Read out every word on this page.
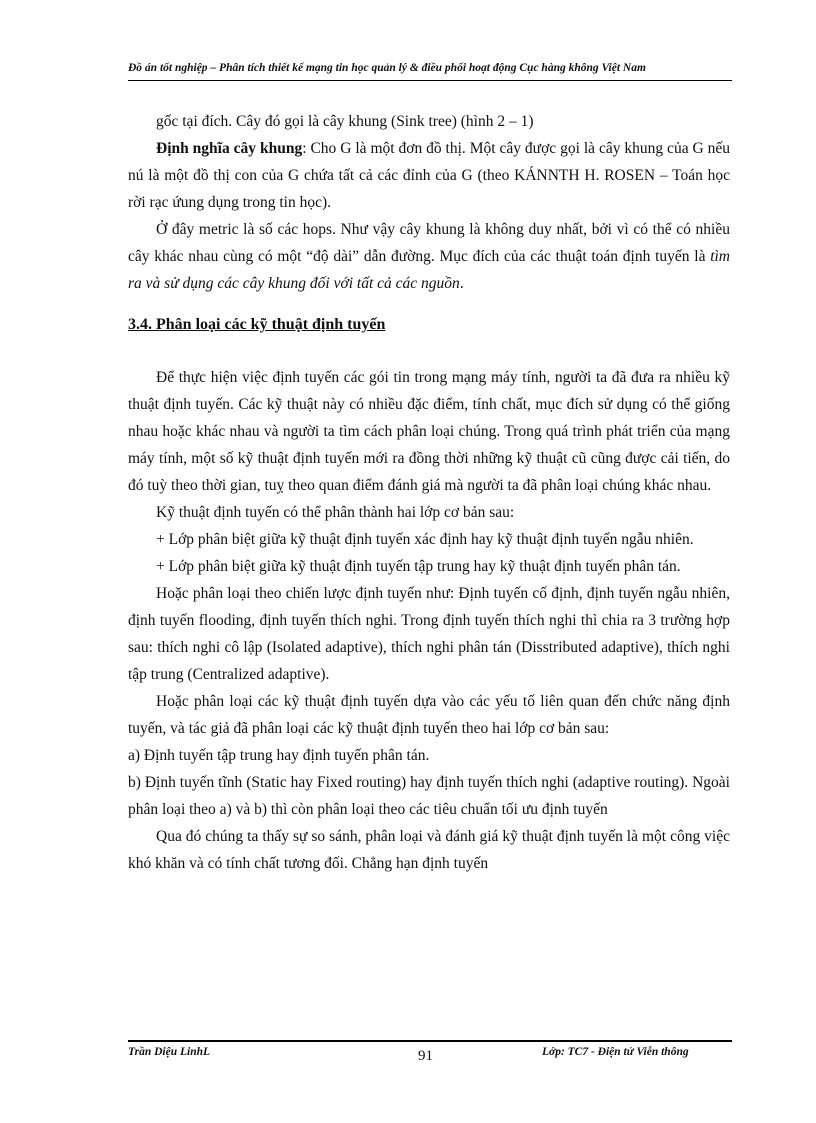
Đồ án tốt nghiệp – Phân tích thiết kế mạng tin học quản lý & điều phối hoạt động Cục hàng không Việt Nam

gốc tại đích. Cây đó gọi là cây khung (Sink tree) (hình 2 – 1)

Định nghĩa cây khung: Cho G là một đơn đồ thị. Một cây được gọi là cây khung của G nếu nú là một đồ thị con của G chứa tất cả các đỉnh của G (theo KÁNNTH H. ROSEN – Toán học rời rạc ứung dụng trong tin học).

Ở đây metric là số các hops. Như vậy cây khung là không duy nhất, bởi vì có thể có nhiều cây khác nhau cùng có một “độ dài” dẫn đường. Mục đích của các thuật toán định tuyến là tìm ra và sử dụng các cây khung đối với tất cả các nguồn.

3.4. Phân loại các kỹ thuật định tuyến

Để thực hiện việc định tuyến các gói tin trong mạng máy tính, người ta đã đưa ra nhiều kỹ thuật định tuyến. Các kỹ thuật này có nhiều đặc điểm, tính chất, mục đích sử dụng có thể giống nhau hoặc khác nhau và người ta tìm cách phân loại chúng. Trong quá trình phát triển của mạng máy tính, một số kỹ thuật định tuyến mới ra đồng thời những kỹ thuật cũ cũng được cải tiến, do đó tuỳ theo thời gian, tuỵ theo quan điểm đánh giá mà người ta đã phân loại chúng khác nhau.

Kỹ thuật định tuyến có thể phân thành hai lớp cơ bản sau:

+ Lớp phân biệt giữa kỹ thuật định tuyến xác định hay kỹ thuật định tuyến ngẫu nhiên.

+ Lớp phân biệt giữa kỹ thuật định tuyến tập trung hay kỹ thuật định tuyến phân tán.

Hoặc phân loại theo chiến lược định tuyến như: Định tuyến cố định, định tuyến ngẫu nhiên, định tuyến flooding, định tuyến thích nghi. Trong định tuyến thích nghi thì chia ra 3 trường hợp sau: thích nghi cô lập (Isolated adaptive), thích nghi phân tán (Disstributed adaptive), thích nghi tập trung (Centralized adaptive).

Hoặc phân loại các kỹ thuật định tuyến dựa vào các yếu tố liên quan đến chức năng định tuyến, và tác giả đã phân loại các kỹ thuật định tuyến theo hai lớp cơ bản sau:

a) Định tuyến tập trung hay định tuyến phân tán.

b) Định tuyến tĩnh (Static hay Fixed routing) hay định tuyến thích nghi (adaptive routing). Ngoài phân loại theo a) và b) thì còn phân loại theo các tiêu chuẩn tối ưu định tuyến

Qua đó chúng ta thấy sự so sánh, phân loại và đánh giá kỹ thuật định tuyến là một công việc khó khăn và có tính chất tương đối. Chẳng hạn định tuyến

Trần Diệu LinhL	91	Lớp: TC7 - Điện tử Viễn thông
